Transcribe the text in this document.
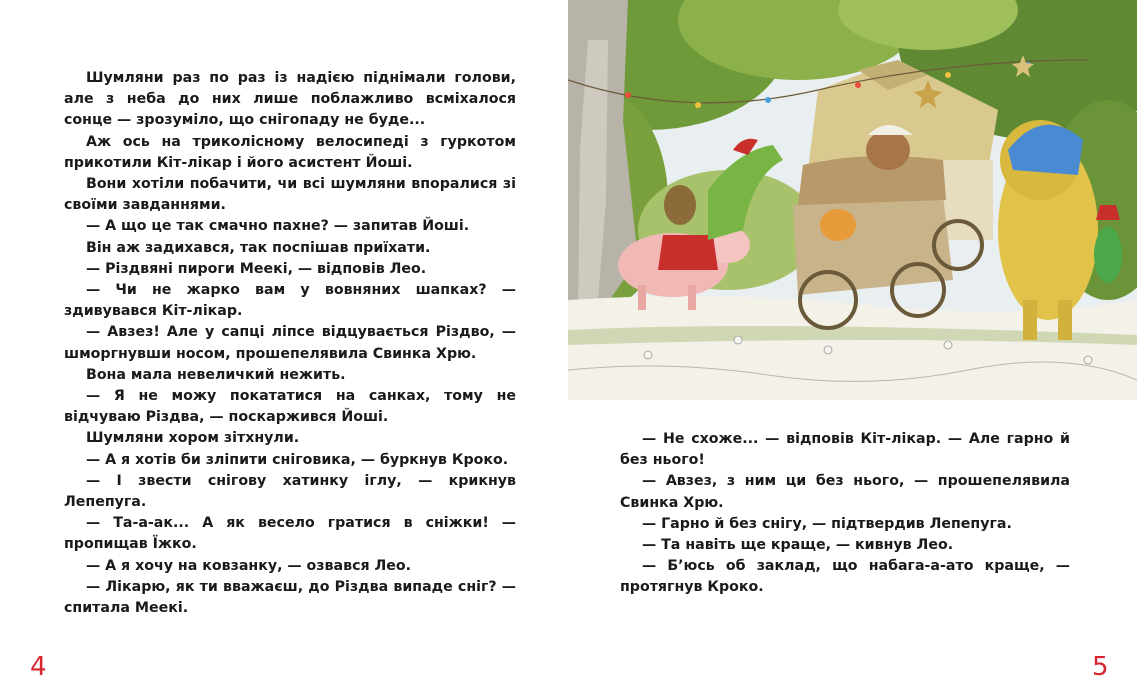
Шумляни раз по раз із надією піднімали голови, але з неба до них лише поблажливо всміхалося сонце — зрозуміло, що снігопаду не буде...

Аж ось на триколісному велосипеді з гуркотом прикотили Кіт-лікар і його асистент Йоші.

Вони хотіли побачити, чи всі шумляни впоралися зі своїми завданнями.

— А що це так смачно пахне? — запитав Йоші.

Він аж задихався, так поспішав приїхати.

— Різдвяні пироги Меекі, — відповів Лео.

— Чи не жарко вам у вовняних шапках? — здивувався Кіт-лікар.

— Авзез! Але у сапці ліпсе відцувається Різдво, — шморгнувши носом, прошепелявила Свинка Хрю.

Вона мала невеличкий нежить.

— Я не можу покататися на санках, тому не відчуваю Різдва, — поскаржився Йоші.

Шумляни хором зітхнули.

— А я хотів би зліпити сніговика, — буркнув Кроко.

— І звести снігову хатинку іглу, — крикнув Лепепуга.

— Та-а-ак... А як весело гратися в сніжки! — пропищав Їжко.

— А я хочу на ковзанку, — озвався Лео.

— Лікарю, як ти вважаєш, до Різдва випаде сніг? — спитала Меекі.

4

— Не схоже... — відповів Кіт-лікар. — Але гарно й без нього!

— Авзез, з ним ци без нього, — прошепелявила Свинка Хрю.

— Гарно й без снігу, — підтвердив Лепепуга.

— Та навіть ще краще, — кивнув Лео.

— Б’юсь об заклад, що набага-а-ато краще, — протягнув Кроко.

5
